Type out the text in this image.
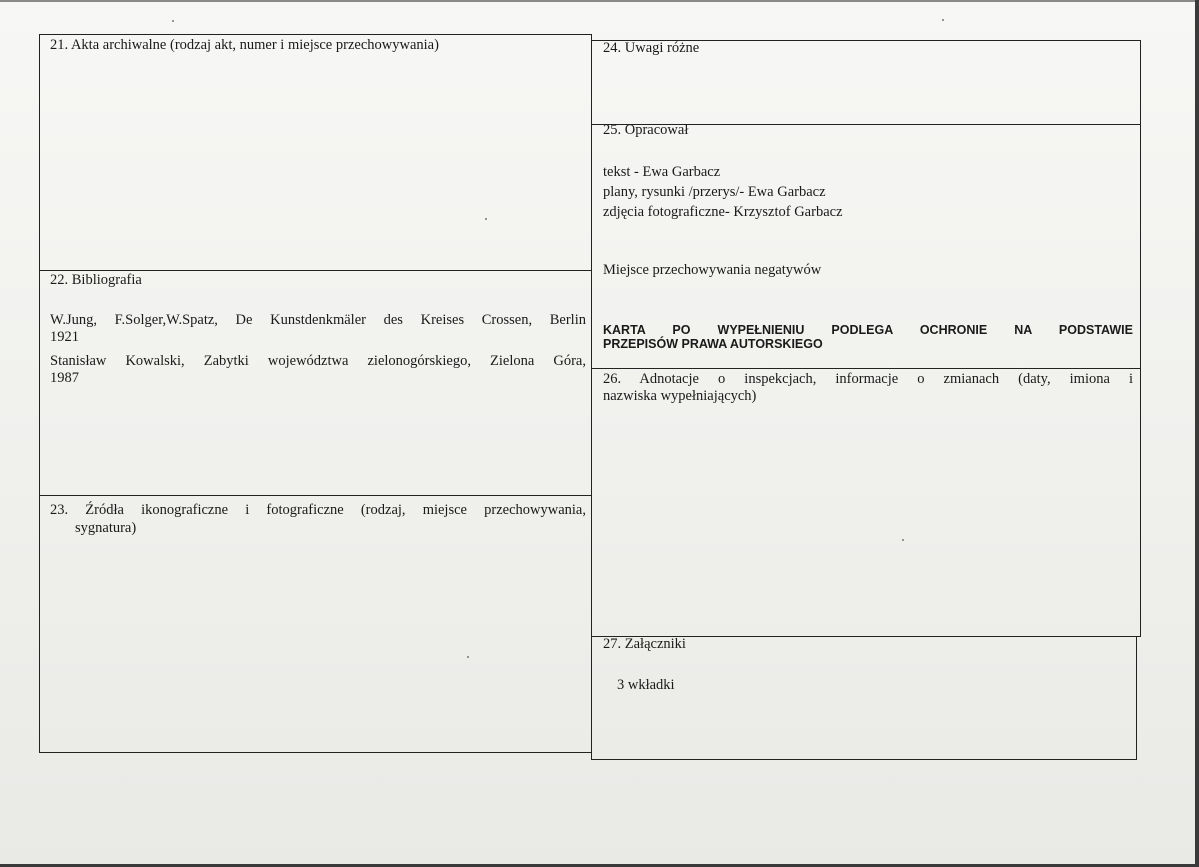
21. Akta archiwalne (rodzaj akt, numer i miejsce przechowywania)
22. Bibliografia
W.Jung, F.Solger,W.Spatz, De Kunstdenkmäler des Kreises Crossen, Berlin
1921
Stanisław Kowalski, Zabytki województwa zielonogórskiego, Zielona Góra,
1987
23. Źródła ikonograficzne i fotograficzne (rodzaj, miejsce przechowywania,
sygnatura)
24. Uwagi różne
25. Opracował
tekst - Ewa Garbacz
plany, rysunki /przerys/- Ewa Garbacz
zdjęcia fotograficzne- Krzysztof Garbacz
Miejsce przechowywania negatywów
KARTA PO WYPEŁNIENIU PODLEGA OCHRONIE NA PODSTAWIE
PRZEPISÓW PRAWA AUTORSKIEGO
26. Adnotacje o inspekcjach, informacje o zmianach (daty, imiona i
nazwiska wypełniających)
27. Załączniki
3 wkładki
